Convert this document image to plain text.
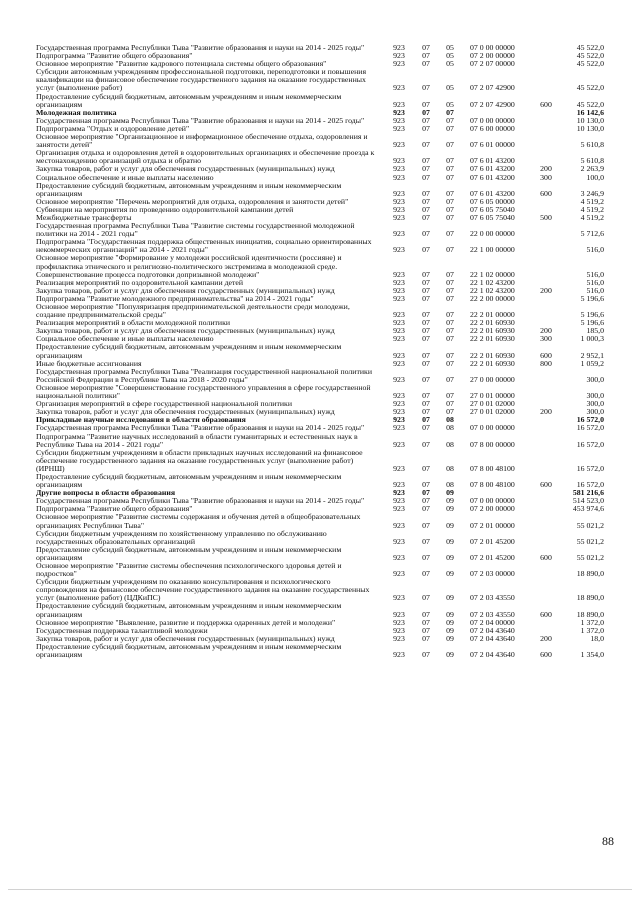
Государственная программа Республики Тыва "Развитие образования и науки на 2014 - 2025 годы"	923	07	05	07 0 00 00000	45 522,0
Подпрограмма "Развитие общего образования"	923	07	05	07 2 00 00000	45 522,0
Основное мероприятие "Развитие кадрового потенциала системы общего образования"	923	07	05	07 2 07 00000	45 522,0
Субсидии автономным учреждениям профессиональной подготовки, переподготовки и повышения квалификации на финансовое обеспечение государственного задания на оказание государственных услуг (выполнение работ)	923	07	05	07 2 07 42900	45 522,0
Предоставление субсидий бюджетным, автономным учреждениям и иным некоммерческим организациям	923	07	05	07 2 07 42900	600	45 522,0
Молодежная политика	923	07	07	16 142,6
Государственная программа Республики Тыва "Развитие образования и науки на 2014 - 2025 годы"	923	07	07	07 0 00 00000	10 130,0
Подпрограмма "Отдых и оздоровление детей"	923	07	07	07 6 00 00000	10 130,0
Основное мероприятие "Организационное и информационное обеспечение отдыха, оздоровления и занятости детей"	923	07	07	07 6 01 00000	5 610,8
Организация отдыха и оздоровления детей в оздоровительных организациях и обеспечение проезда к местонахождению организаций отдыха и обратно	923	07	07	07 6 01 43200	5 610,8
Закупка товаров, работ и услуг для обеспечения государственных (муниципальных) нужд	923	07	07	07 6 01 43200	200	2 263,9
Социальное обеспечение и иные выплаты населению	923	07	07	07 6 01 43200	300	100,0
Предоставление субсидий бюджетным, автономным учреждениям и иным некоммерческим организациям	923	07	07	07 6 01 43200	600	3 246,9
Основное мероприятие "Перечень мероприятий для отдыха, оздоровления и занятости детей"	923	07	07	07 6 05 00000	4 519,2
Субвенции на мероприятия по проведению оздоровительной кампании детей	923	07	07	07 6 05 75040	4 519,2
Межбюджетные трансферты	923	07	07	07 6 05 75040	500	4 519,2
Государственная программа Республики Тыва "Развитие системы государственной молодежной политики на 2014 - 2021 годы"	923	07	07	22 0 00 00000	5 712,6
Подпрограмма "Государственная поддержка общественных инициатив, социально ориентированных некоммерческих организаций" на 2014 - 2021 годы"	923	07	07	22 1 00 00000	516,0
Основное мероприятие "Формирование у молодежи российской идентичности (россияне) и профилактика этнического и религиозно-политического экстремизма в молодежной среде. Совершенствование процесса подготовки допризывной молодежи"	923	07	07	22 1 02 00000	516,0
Реализация мероприятий по оздоровительной кампании детей	923	07	07	22 1 02 43200	516,0
Закупка товаров, работ и услуг для обеспечения государственных (муниципальных) нужд	923	07	07	22 1 02 43200	200	516,0
Подпрограмма "Развитие молодежного предпринимательства" на 2014 - 2021 годы"	923	07	07	22 2 00 00000	5 196,6
Основное мероприятие "Популяризация предпринимательской деятельности среди молодежи, создание предпринимательской среды"	923	07	07	22 2 01 00000	5 196,6
Реализация мероприятий в области молодежной политики	923	07	07	22 2 01 60930	5 196,6
Закупка товаров, работ и услуг для обеспечения государственных (муниципальных) нужд	923	07	07	22 2 01 60930	200	185,0
Социальное обеспечение и иные выплаты населению	923	07	07	22 2 01 60930	300	1 000,3
Предоставление субсидий бюджетным, автономным учреждениям и иным некоммерческим организациям	923	07	07	22 2 01 60930	600	2 952,1
Иные бюджетные ассигнования	923	07	07	22 2 01 60930	800	1 059,2
Государственная программа Республики Тыва "Реализация государственной национальной политики Российской Федерации в Республике Тыва на 2018 - 2020 годы"	923	07	07	27 0 00 00000	300,0
Основное мероприятие "Совершенствование государственного управления в сфере государственной национальной политики"	923	07	07	27 0 01 00000	300,0
Организация мероприятий в сфере государственной национальной политики	923	07	07	27 0 01 02000	300,0
Закупка товаров, работ и услуг для обеспечения государственных (муниципальных) нужд	923	07	07	27 0 01 02000	200	300,0
Прикладные научные исследования в области образования	923	07	08	16 572,0
Государственная программа Республики Тыва "Развитие образования и науки на 2014 - 2025 годы"	923	07	08	07 0 00 00000	16 572,0
Подпрограмма "Развитие научных исследований в области гуманитарных и естественных наук в Республике Тыва на 2014 - 2021 годы"	923	07	08	07 8 00 00000	16 572,0
Субсидии бюджетным учреждениям в области прикладных научных исследований на финансовое обеспечение государственного задания на оказание государственных услуг (выполнение работ) (ИРНШ)	923	07	08	07 8 00 48100	16 572,0
Предоставление субсидий бюджетным, автономным учреждениям и иным некоммерческим организациям	923	07	08	07 8 00 48100	600	16 572,0
Другие вопросы в области образования	923	07	09	581 216,6
Государственная программа Республики Тыва "Развитие образования и науки на 2014 - 2025 годы"	923	07	09	07 0 00 00000	514 523,0
Подпрограмма "Развитие общего образования"	923	07	09	07 2 00 00000	453 974,6
Основное мероприятие "Развитие системы содержания и обучения детей в общеобразовательных организациях Республики Тыва"	923	07	09	07 2 01 00000	55 021,2
Субсидии бюджетным учреждениям по хозяйственному управлению по обслуживанию государственных образовательных организаций	923	07	09	07 2 01 45200	55 021,2
Предоставление субсидий бюджетным, автономным учреждениям и иным некоммерческим организациям	923	07	09	07 2 01 45200	600	55 021,2
Основное мероприятие "Развитие системы обеспечения психологического здоровья детей и подростков"	923	07	09	07 2 03 00000	18 890,0
Субсидии бюджетным учреждениям по оказанию консультирования и психологического сопровождения на финансовое обеспечение государственного задания на оказание государственных услуг (выполнение работ) (ЦДКиПС)	923	07	09	07 2 03 43550	18 890,0
Предоставление субсидий бюджетным, автономным учреждениям и иным некоммерческим организациям	923	07	09	07 2 03 43550	600	18 890,0
Основное мероприятие "Выявление, развитие и поддержка одаренных детей и молодежи"	923	07	09	07 2 04 00000	1 372,0
Государственная поддержка талантливой молодежи	923	07	09	07 2 04 43640	1 372,0
Закупка товаров, работ и услуг для обеспечения государственных (муниципальных) нужд	923	07	09	07 2 04 43640	200	18,0
Предоставление субсидий бюджетным, автономным учреждениям и иным некоммерческим организациям	923	07	09	07 2 04 43640	600	1 354,0
88
